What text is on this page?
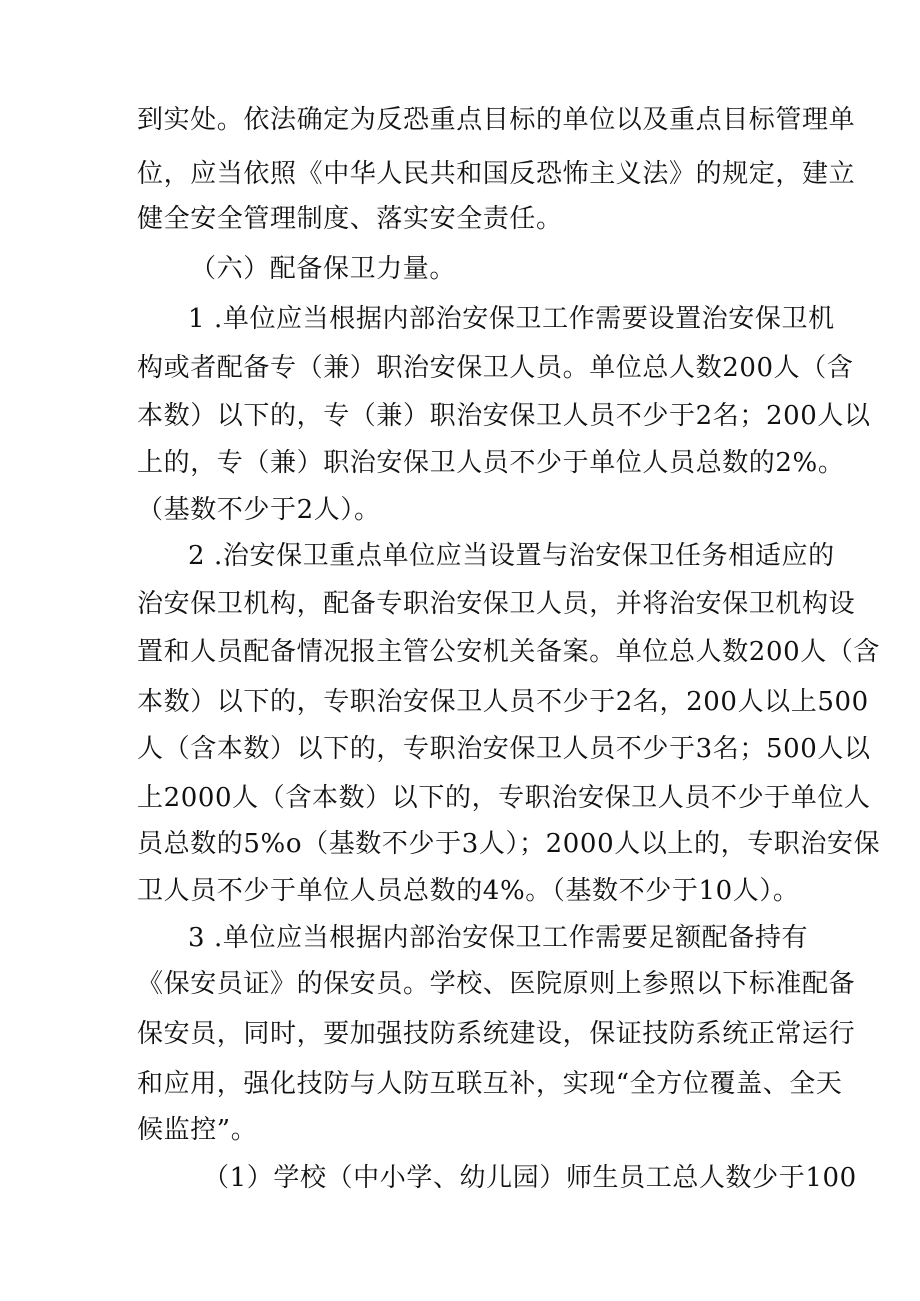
到实处。依法确定为反恐重点目标的单位以及重点目标管理单

位，应当依照《中华人民共和国反恐怖主义法》的规定，建立

健全安全管理制度、落实安全责任。

（六）配备保卫力量。

1 .单位应当根据内部治安保卫工作需要设置治安保卫机

构或者配备专（兼）职治安保卫人员。单位总人数200人（含

本数）以下的，专（兼）职治安保卫人员不少于2名；200人以

上的，专（兼）职治安保卫人员不少于单位人员总数的2%。

（基数不少于2人）。

2 .治安保卫重点单位应当设置与治安保卫任务相适应的

治安保卫机构，配备专职治安保卫人员，并将治安保卫机构设

置和人员配备情况报主管公安机关备案。单位总人数200人（含

本数）以下的，专职治安保卫人员不少于2名，200人以上500

人（含本数）以下的，专职治安保卫人员不少于3名；500人以

上2000人（含本数）以下的，专职治安保卫人员不少于单位人

员总数的5%o（基数不少于3人）；2000人以上的，专职治安保

卫人员不少于单位人员总数的4%。（基数不少于10人）。

3 .单位应当根据内部治安保卫工作需要足额配备持有

《保安员证》的保安员。学校、医院原则上参照以下标准配备

保安员，同时，要加强技防系统建设，保证技防系统正常运行

和应用，强化技防与人防互联互补，实现“全方位覆盖、全天

候监控”。

（1）学校（中小学、幼儿园）师生员工总人数少于100
